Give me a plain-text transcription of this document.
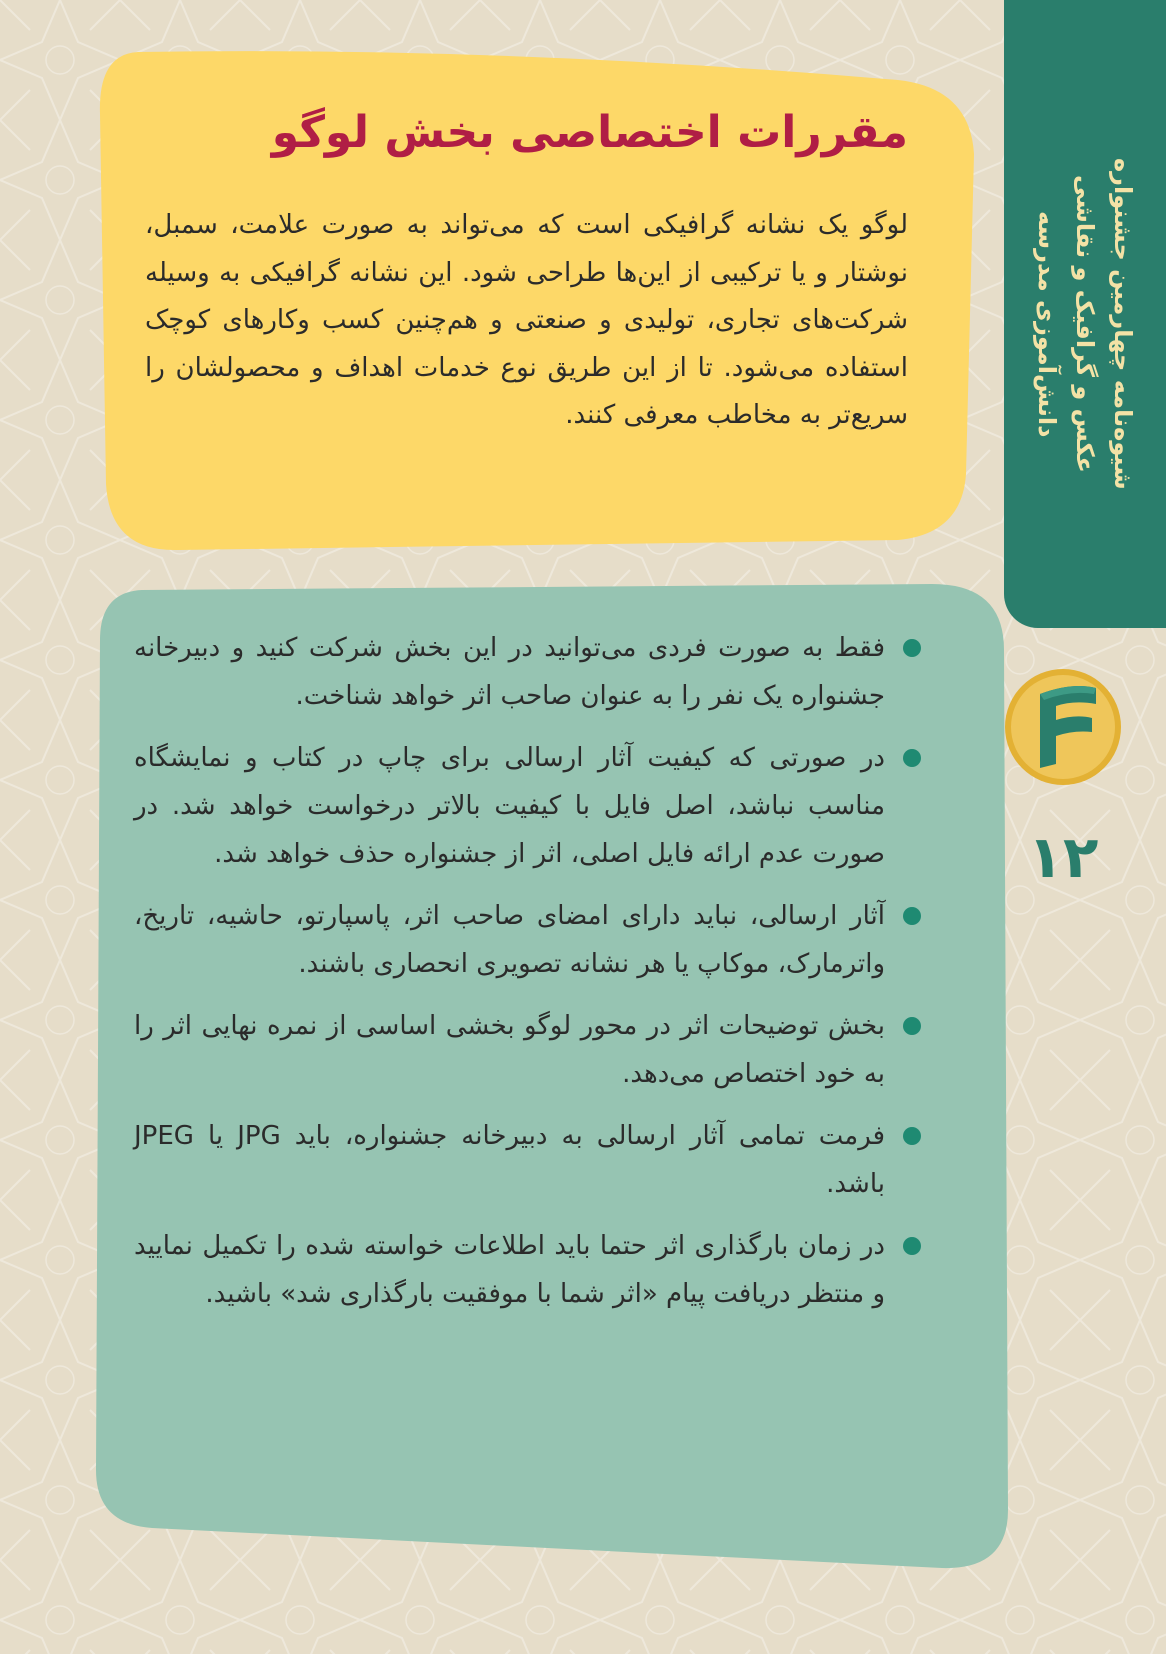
شیوه‌نامه چهارمین جشنواره
عکس و گرافیک و نقاشی
دانش‌آموزی مدرسه
۱۲
مقررات اختصاصی بخش لوگو

لوگو یک نشانه گرافیکی است که می‌تواند به صورت علامت، سمبل، نوشتار و یا ترکیبی از این‌ها طراحی شود. این نشانه گرافیکی به وسیله شرکت‌های تجاری، تولیدی و صنعتی و هم‌چنین کسب وکارهای کوچک استفاده می‌شود. تا از این طریق نوع خدمات اهداف و محصولشان را سریع‌تر به مخاطب معرفی کنند.

فقط به صورت فردی می‌توانید در این بخش شرکت کنید و دبیرخانه جشنواره یک نفر را به عنوان صاحب اثر خواهد شناخت.
در صورتی که کیفیت آثار ارسالی برای چاپ در کتاب و نمایشگاه مناسب نباشد، اصل فایل با کیفیت بالاتر درخواست خواهد شد. در صورت عدم ارائه فایل اصلی، اثر از جشنواره حذف خواهد شد.
آثار ارسالی، نباید دارای امضای صاحب اثر، پاسپارتو، حاشیه، تاریخ، واترمارک، موکاپ یا هر نشانه تصویری انحصاری باشند.
بخش توضیحات اثر در محور لوگو بخشی اساسی از نمره نهایی اثر را به خود اختصاص می‌دهد.
فرمت تمامی آثار ارسالی به دبیرخانه جشنواره، باید JPG یا JPEG باشد.
در زمان بارگذاری اثر حتما باید اطلاعات خواسته شده را تکمیل نمایید و منتظر دریافت پیام «اثر شما با موفقیت بارگذاری شد» باشید.
